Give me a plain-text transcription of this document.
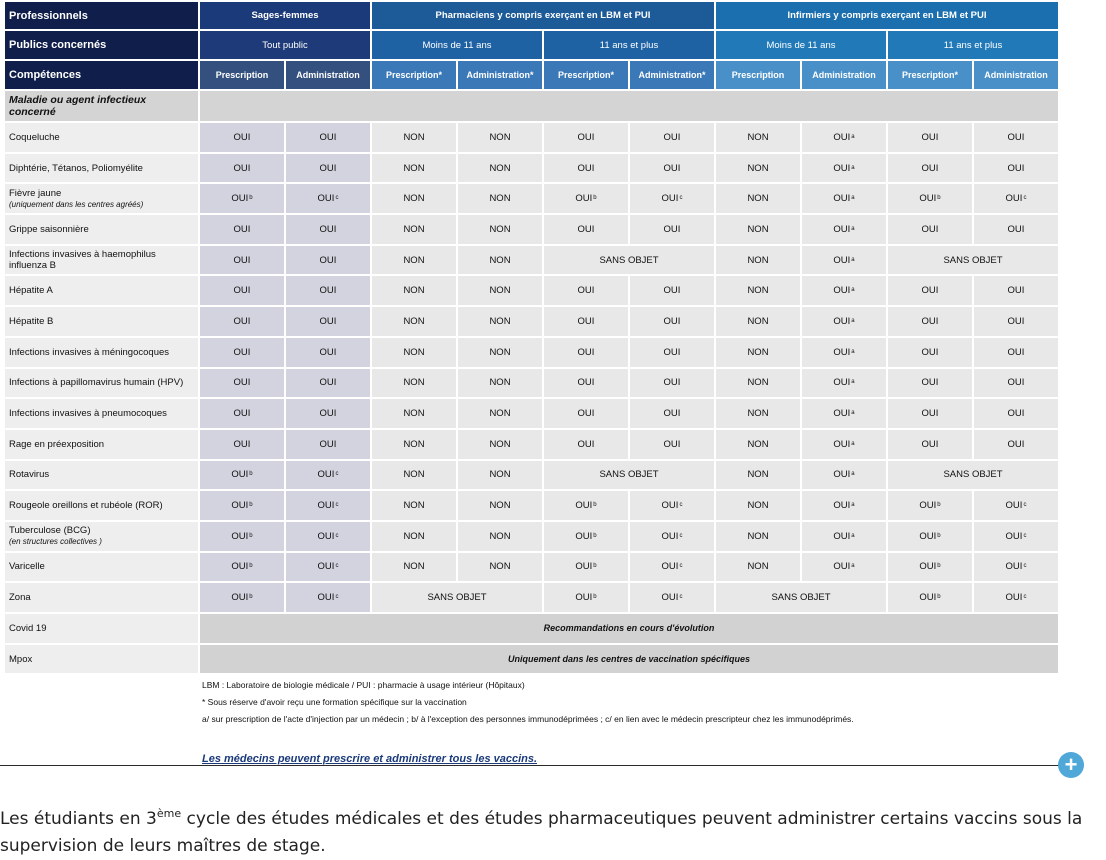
Professionnels	Sages-femmes		Pharmaciens y compris exerçant en LBM et PUI				Infirmiers y compris exerçant en LBM et PUI			
Publics concernés	Tout public		Moins de 11 ans		11 ans et plus		Moins de 11 ans		11 ans et plus	
Compétences	Prescription	Administration	Prescription*	Administration*	Prescription*	Administration*	Prescription	Administration	Prescription*	Administration
Maladie ou agent infectieux concerné										
Coqueluche	OUI	OUI	NON	NON	OUI	OUI	NON	OUI$^a$	OUI	OUI
Diphtérie, Tétanos, Poliomyélite	OUI	OUI	NON	NON	OUI	OUI	NON	OUI$^a$	OUI	OUI
Fièvre jaune
(uniquement dans les centres agréés)	OUI$^b$	OUI$^c$	NON	NON	OUI$^b$	OUI$^c$	NON	OUI$^a$	OUI$^b$	OUI$^c$
Grippe saisonnière	OUI	OUI	NON	NON	OUI	OUI	NON	OUI$^a$	OUI	OUI
Infections invasives à haemophilus influenza B	OUI	OUI	NON	NON	SANS OBJET		NON	OUI$^a$	SANS OBJET	
Hépatite A	OUI	OUI	NON	NON	OUI	OUI	NON	OUI$^a$	OUI	OUI
Hépatite B	OUI	OUI	NON	NON	OUI	OUI	NON	OUI$^a$	OUI	OUI
Infections invasives à méningocoques	OUI	OUI	NON	NON	OUI	OUI	NON	OUI$^a$	OUI	OUI
Infections à papillomavirus humain (HPV)	OUI	OUI	NON	NON	OUI	OUI	NON	OUI$^a$	OUI	OUI
Infections invasives à pneumocoques	OUI	OUI	NON	NON	OUI	OUI	NON	OUI$^a$	OUI	OUI
Rage en préexposition	OUI	OUI	NON	NON	OUI	OUI	NON	OUI$^a$	OUI	OUI
Rotavirus	OUI$^b$	OUI$^c$	NON	NON	SANS OBJET		NON	OUI$^a$	SANS OBJET	
Rougeole oreillons et rubéole (ROR)	OUI$^b$	OUI$^c$	NON	NON	OUI$^b$	OUI$^c$	NON	OUI$^a$	OUI$^b$	OUI$^c$
Tuberculose (BCG)
(en structures collectives )	OUI$^b$	OUI$^c$	NON	NON	OUI$^b$	OUI$^c$	NON	OUI$^a$	OUI$^b$	OUI$^c$
Varicelle	OUI$^b$	OUI$^c$	NON	NON	OUI$^b$	OUI$^c$	NON	OUI$^a$	OUI$^b$	OUI$^c$
Zona	OUI$^b$	OUI$^c$	SANS OBJET		OUI$^b$	OUI$^c$	SANS OBJET		OUI$^b$	OUI$^c$
Covid 19	Recommandations en cours d'évolution									
Mpox	Uniquement dans les centres de vaccination spécifiques									
LBM : Laboratoire de biologie médicale / PUI : pharmacie à usage intérieur (Hôpitaux)
* Sous réserve d'avoir reçu une formation spécifique sur la vaccination
a/ sur prescription de l'acte d'injection par un médecin ; b/ à l'exception des personnes immunodéprimées ; c/ en lien avec le médecin prescripteur chez les immunodéprimés.
Les médecins peuvent prescrire et administrer tous les vaccins.	+

Les étudiants en 3ème cycle des études médicales et des études pharmaceutiques peuvent administrer certains vaccins sous la supervision de leurs maîtres de stage.
